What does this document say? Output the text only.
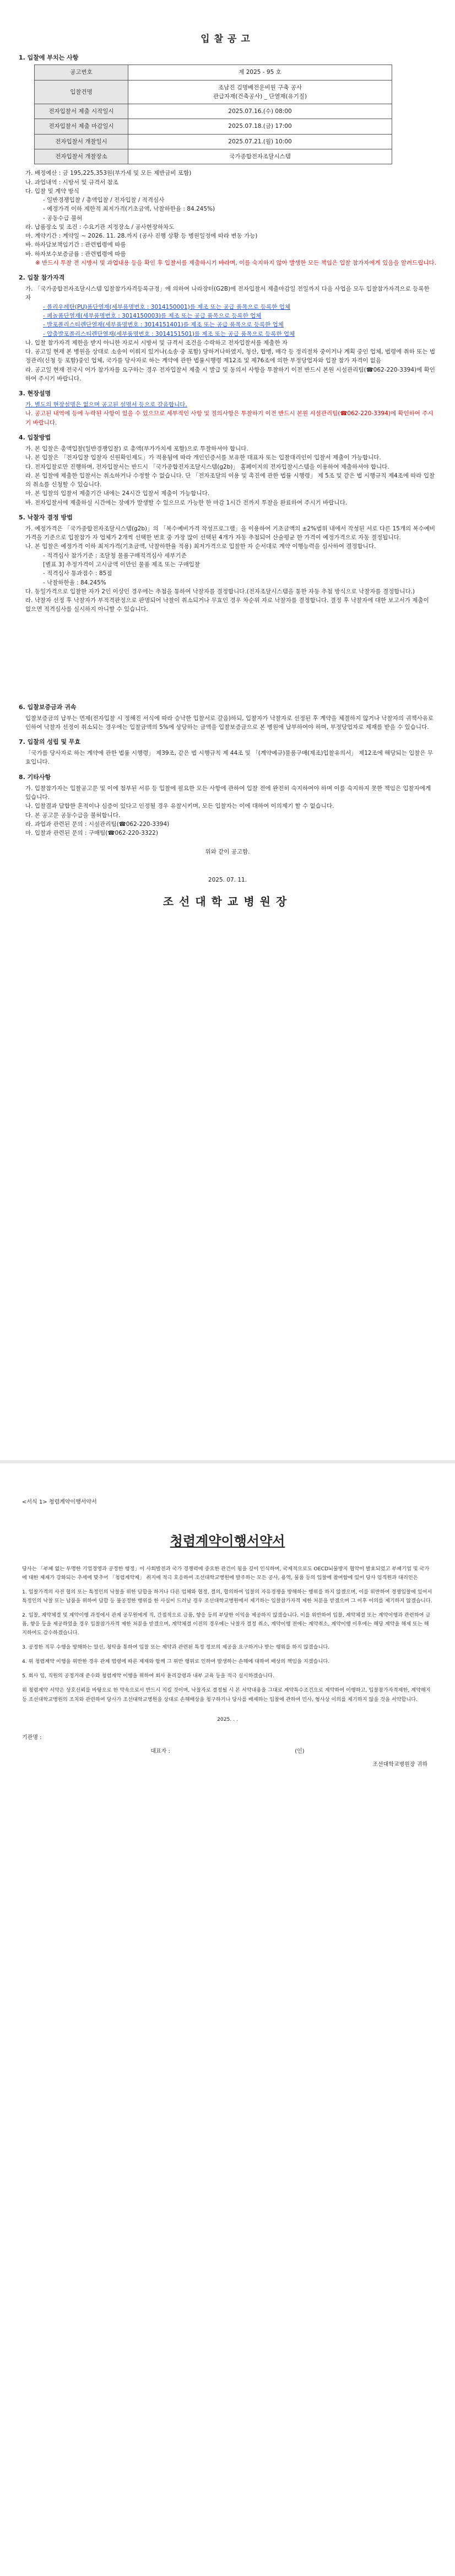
입찰공고
1. 입찰에 부치는 사항
공고번호	제 2025 - 95 호
입찰건명	조남진 김명배전운비원 구축 공사
관급자재(건축공사) _ 단열재(유기질)
전자입찰서 제출 시작일시	2025.07.16.(수) 08:00
전자입찰서 제출 마감일시	2025.07.18.(금) 17:00
전자입찰서 개찰일시	2025.07.21.(월) 10:00
전자입찰서 개찰장소	국가종합전자조달시스템
가. 배정예산 : 금 195,225,353원(부가세 및 모든 제반금비 포함)
나. 과업내역 : 시방서 및 규격서 참조
다. 입찰 및 계약 방식
- 일반경쟁입찰 / 총액입찰 / 전자입찰 / 적격심사
- 예정가격 이하 제한적 최저가격(기초금액, 낙찰하한율 : 84.245%)
- 공동수급 불허
라. 납품장소 및 조건 : 수요기관 지정장소 / 공사현장하차도
마. 계약기간 : 계약일 ~ 2026. 11. 28.까지 (공사 진행 상황 등 병원일정에 따라 변동 가능)
바. 하자담보책임기간 : 관련법령에 따름
바. 하자보수보증금률 : 관련법령에 따름
※ 반드시 투찰 전 시방서 및 과업내용 등을 확인 후 입찰서를 제출하시기 바라며, 이를 숙지하지 않아 발생한 모든 책임은 입찰 참가자에게 있음을 알려드립니다.
2. 입찰 참가자격
가. 「국가종합전자조달시스템 입찰참가자격등록규정」에 의하여 나라장터(G2B)에 전자입찰서 제출마감일 전일까지 다음 사업을 모두 입찰참가자격으로 등록한 자
- 폴리우레탄(PU)폼단열재(세부품명번호 : 3014150001)를 제조 또는 공급 품목으로 등록한 업체
- 페놀폼단열재(세부품명번호 : 3014150003)를 제조 또는 공급 품목으로 등록한 업체
- 발포폴리스티렌단열재(세부품명번호 : 3014151401)를 제조 또는 공급 품목으로 등록한 업체
- 압출발포폴리스티렌단열재(세부품명번호 : 3014151501)를 제조 또는 공급 품목으로 등록한 업체
나. 입찰 참가자격 제한을 받지 아니한 자로서 시방서 및 규격서 조건을 수락하고 전자입찰서를 제출한 자
다. 공고일 현재 본 병원을 상대로 소송이 이뤄지 있거나(소송 중 포함) 당하거나하였지, 청산, 합병, 매각 등 정리절차 중이거나 계획 중인 업체, 법령에 취하 또는 법정관리(신청 등 포함)중인 업체, 국가를 당사자로 하는 계약에 관한 법률시행령 제12조 및 제76조에 의한 부정당업자와 입찰 참가 자격이 없음
라. 공고일 현재 전국시 어가 참가자를 요구하는 경우 전자입찰서 제출 시 발급 및 동의서 사항을 투찰하기 이전 반드시 본원 시설관리팀(☎062-220-3394)에 확인하여 주시기 바랍니다.
3. 현장설명
가. 별도의 현장설명은 없으며 공고된 설명서 등으로 갈음합니다.
나. 공고된 내역에 등에 누락된 사항이 있을 수 있으므로 세부적인 사항 및 질의사항은 투찰하기 이전 반드시 본원 시설관리팀(☎062-220-3394)에 확인하여 주시기 바랍니다.
4. 입찰방법
가. 본 입찰은 총액입찰(일반경쟁입찰) 로 총액(부가가치세 포함)으로 투찰하셔야 합니다.
나. 본 입찰은 「전자입찰 입찰자 신원확인제도」가 적용됨에 따라 개인인증서를 보유한 대표자 또는 입찰대리인이 입찰서 제출이 가능합니다.
다. 전자입찰로만 진행하며, 전자입찰서는 반드시 「국가종합전자조달시스템(g2b)」 홈페이지의 전자입찰시스템을 이용하여 제출하셔야 합니다.
라. 본 입찰에 제출한 입찰서는 취소하거나 수정할 수 없습니다. 단 「전자조달의 이용 및 촉진에 관한 법률 시행령」 제 5조 및 같은 법 시행규칙 제4조에 따라 입찰의 취소를 신청할 수 있습니다.
마. 본 입찰의 입찰서 제출기간 내에는 24시간 입찰서 제출이 가능합니다.
바. 전자입찰서에 제출하실 시간에는 장애가 발생할 수 있으므로 가능한 한 마감 1시간 전까지 투찰을 완료하여 주시기 바랍니다.
5. 낙찰자 결정 방법
가. 예정가격은 「국가종합전자조달시스템(g2b)」의 「복수예비가격 작성프로그램」을 이용하여 기초금액의 ±2%범위 내에서 작성된 서로 다른 15개의 복수예비가격을 기준으로 입찰참가 자 업체가 2개씩 선택한 번호 중 가장 많이 선택된 4개가 자동 추첨되어 산술평균 한 가격이 예정가격으로 자동 결정됩니다.
나. 본 입찰은 예정가격 이하 최저가격(기초금액, 낙찰하한율 적용) 최저가격으로 입찰한 자 순서대로 계약 이행능력을 심사하여 결정합니다.
- 적격심사 참가기준 : 조달청 물품구매적격심사 세부기준
[별표 3] 추정가격이 고시금액 이만인 물품 제조 또는 구매입찰
- 적격심사 통과점수 : 85점
- 낙찰하한율 : 84.245%
다. 동일가격으로 입찰한 자가 2인 이상인 경우에는 추첨을 통하여 낙찰자를 결정합니다.(전자조달시스템을 통한 자동 추첨 방식으로 낙찰자를 결정합니다.)
라. 낙찰자 선정 후 낙찰자가 부적격판정으로 판명되어 낙찰이 취소되거나 무효인 경우 차순위 자로 낙찰자를 결정합니다. 결정 후 낙찰자에 대한 보고서가 제출이 없으면 적격심사를 실시하지 아니할 수 있습니다.
6. 입찰보증금과 귀속
입찰보증금의 납부는 면제(전자입찰 시 정해진 서식에 따라 승낙한 입찰서로 갈음)하되, 입찰자가 낙찰자로 선정된 후 계약을 체결하지 않거나 낙찰자의 귀책사유로 인하여 낙찰자 선정이 취소되는 경우에는 입찰금액의 5%에 상당하는 금액을 입찰보증금으로 본 병원에 납부하여야 하며, 부정당업자로 제재를 받을 수 있습니다.
7. 입찰의 성립 및 무효
「국가를 당사자로 하는 계약에 관한 법률 시행령」 제39조, 같은 법 시행규칙 제 44조 및 「(계약예규)물품구매(제조)입찰유의서」 제12조에 해당되는 입찰은 무효입니다.
8. 기타사항
가. 입찰참가자는 입찰공고문 및 이에 첨부된 서류 등 입찰에 필요한 모든 사항에 관하여 입찰 전에 완전히 숙지하여야 하며 이를 숙지하지 못한 책임은 입찰자에게 있습니다.
나. 입찰결과 담합한 혼적이나 심증이 있다고 인정될 경우 유찰시키며, 모든 입찰자는 이에 대하여 이의제기 할 수 없습니다.
다. 본 공고문 공동수급을 불허합니다.
라. 과업과 관련된 문의 : 시설관리팀(☎062-220-3394)
마. 입찰과 관련된 문의 : 구매팀(☎062-220-3322)
위와 같이 공고함.
2025. 07. 11.
조선대학교병원장
<서식 1> 청렴계약이행서약서
청렴계약이행서약서
당사는 「부패 없는 투명한 기업경영과 공정한 행정」이 사회발전과 국가 경쟁력에 중요한 관건이 됨을 깊이 인식하며, 국제적으로도 OECD뇌물방지 협약이 발효되었고 부패기업 및 국가에 대한 제재가 강화되는 추세에 맞추어 「청렴계약제」 취지에 적극 호응하여 조선대학교병원에 발주하는 모든 공사, 용역, 물품 등의 입찰에 참여함에 있어 당사 임직원과 대리인은
1. 입찰가격의 사전 협의 또는 특정인의 낙찰을 위한 담합을 하거나 다른 업체와 협정, 결의, 합의하여 입찰의 자유경쟁을 방해하는 행위를 하지 않겠으며, 이를 위반하여 경쟁입찰에 있어서 특정인의 낙찰 또는 납품을 위하여 담합 등 불공정한 행위를 한 사실이 드러날 경우 조선대학교병원에서 제기하는 입찰참가자격 제한 처분을 받겠으며 그 이후 이의를 제기하지 않겠습니다.
2. 입찰, 계약체결 및 계약이행 과정에서 관계 공무원에게 직, 간접적으로 금품, 향응 등의 부당한 이익을 제공하지 않겠습니다. 이를 위반하여 입찰, 계약체결 또는 계약이행과 관련하여 금품, 향응 등을 제공하였을 경우 입찰참가자격 제한 처분을 받겠으며, 계약체결 이전의 경우에는 낙찰자 결정 취소, 계약이행 전에는 계약취소, 계약이행 이후에는 해당 계약을 해제 또는 해지하여도 감수하겠습니다.
3. 공정한 직무 수행을 방해하는 알선, 청탁을 통하여 입찰 또는 계약과 관련된 특정 정보의 제공을 요구하거나 받는 행위를 하지 않겠습니다.
4. 위 청렴계약 이행을 위반한 경우 관계 법령에 따른 제재와 함께 그 위반 행위로 인하여 발생하는 손해에 대하여 배상의 책임을 지겠습니다.
5. 회사 임, 직원의 공정거래 준수와 청렴계약 이행을 위하여 회사 윤리강령과 내부 교육 등을 적극 실시하겠습니다.
위 청렴계약 서약은 상호신뢰를 바탕으로 한 약속으로서 반드시 지킬 것이며, 낙찰자로 결정될 시 본 서약내용을 그대로 계약특수조건으로 계약하여 이행하고, 입찰참가자격제한, 계약해지 등 조선대학교병원의 조치와 관련하여 당사가 조선대학교병원을 상대로 손해배상을 청구하거나 당사를 배제하는 입찰에 관하여 민사, 형사상 이의를 제기하지 않을 것을 서약합니다.
2025. . .
기관명 :
대표자 :	(인)
조선대학교병원장 귀하
